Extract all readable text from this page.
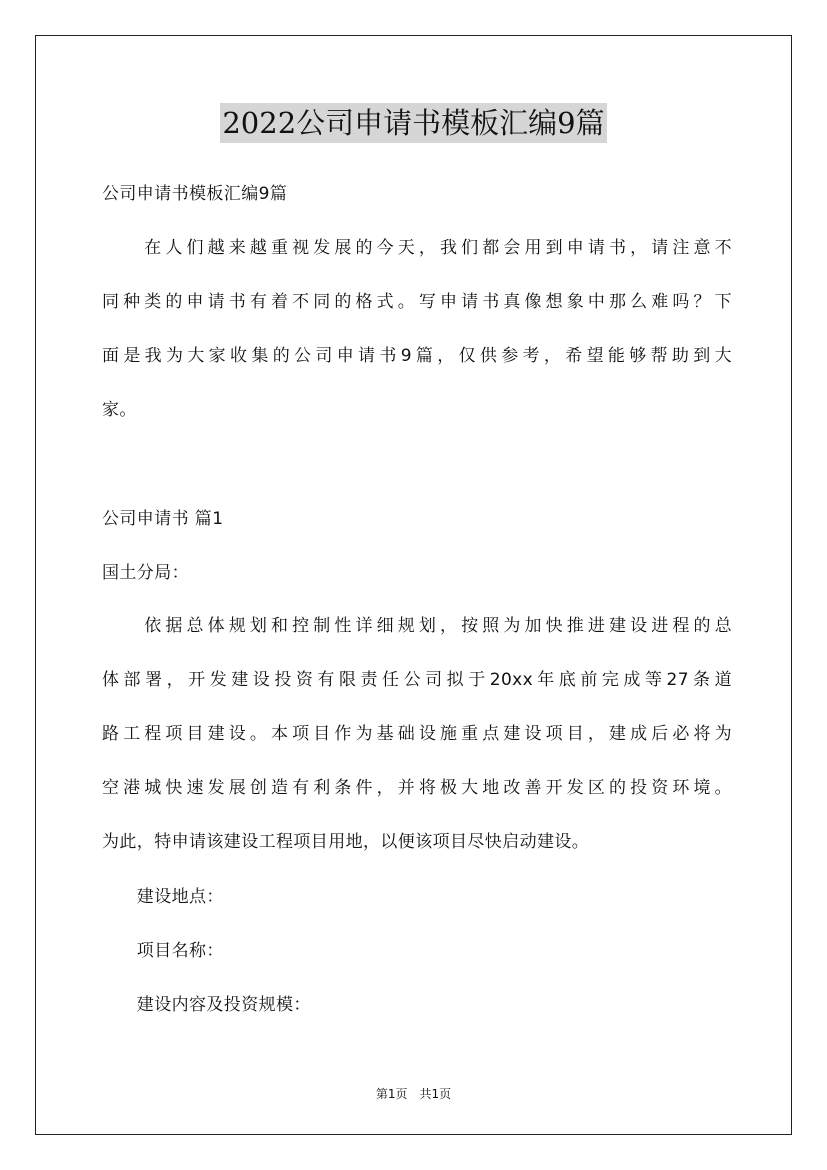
2022公司申请书模板汇编9篇
公司申请书模板汇编9篇
　　在人们越来越重视发展的今天，我们都会用到申请书，请注意不
同种类的申请书有着不同的格式。写申请书真像想象中那么难吗？下
面是我为大家收集的公司申请书9篇，仅供参考，希望能够帮助到大
家。
公司申请书 篇1
国土分局：
　　依据总体规划和控制性详细规划，按照为加快推进建设进程的总
体部署，开发建设投资有限责任公司拟于20xx年底前完成等27条道
路工程项目建设。本项目作为基础设施重点建设项目，建成后必将为
空港城快速发展创造有利条件，并将极大地改善开发区的投资环境。
为此，特申请该建设工程项目用地，以便该项目尽快启动建设。
　　建设地点：
　　项目名称：
　　建设内容及投资规模：
第1页　共1页
